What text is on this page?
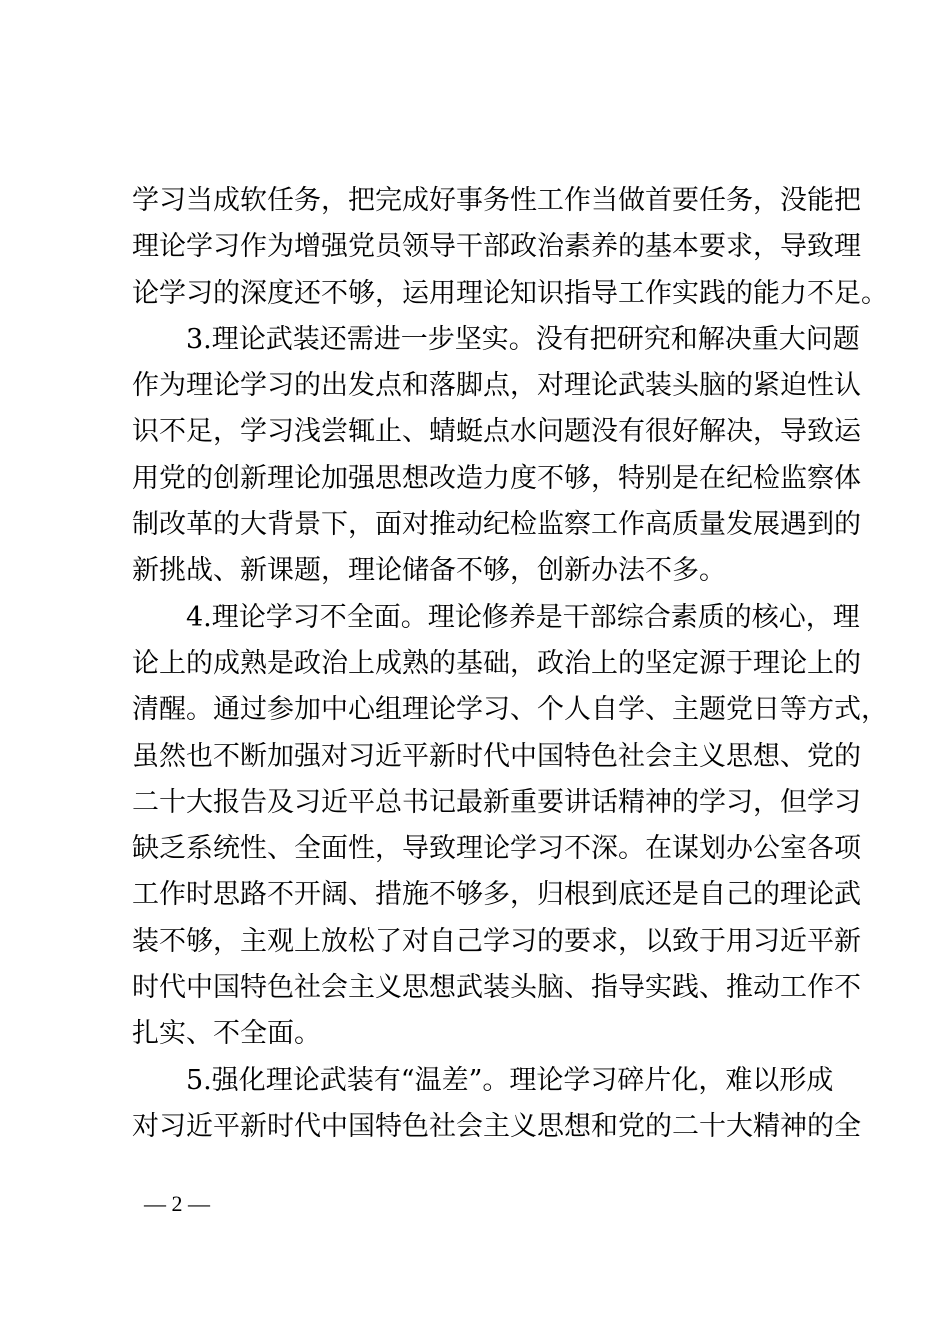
学习当成软任务，把完成好事务性工作当做首要任务，没能把
理论学习作为增强党员领导干部政治素养的基本要求，导致理
论学习的深度还不够，运用理论知识指导工作实践的能力不足。
3.理论武装还需进一步坚实。没有把研究和解决重大问题
作为理论学习的出发点和落脚点，对理论武装头脑的紧迫性认
识不足，学习浅尝辄止、蜻蜓点水问题没有很好解决，导致运
用党的创新理论加强思想改造力度不够，特别是在纪检监察体
制改革的大背景下，面对推动纪检监察工作高质量发展遇到的
新挑战、新课题，理论储备不够，创新办法不多。
4.理论学习不全面。理论修养是干部综合素质的核心，理
论上的成熟是政治上成熟的基础，政治上的坚定源于理论上的
清醒。通过参加中心组理论学习、个人自学、主题党日等方式，
虽然也不断加强对习近平新时代中国特色社会主义思想、党的
二十大报告及习近平总书记最新重要讲话精神的学习，但学习
缺乏系统性、全面性，导致理论学习不深。在谋划办公室各项
工作时思路不开阔、措施不够多，归根到底还是自己的理论武
装不够，主观上放松了对自己学习的要求，以致于用习近平新
时代中国特色社会主义思想武装头脑、指导实践、推动工作不
扎实、不全面。
5.强化理论武装有“温差”。理论学习碎片化，难以形成
对习近平新时代中国特色社会主义思想和党的二十大精神的全
— 2 —
